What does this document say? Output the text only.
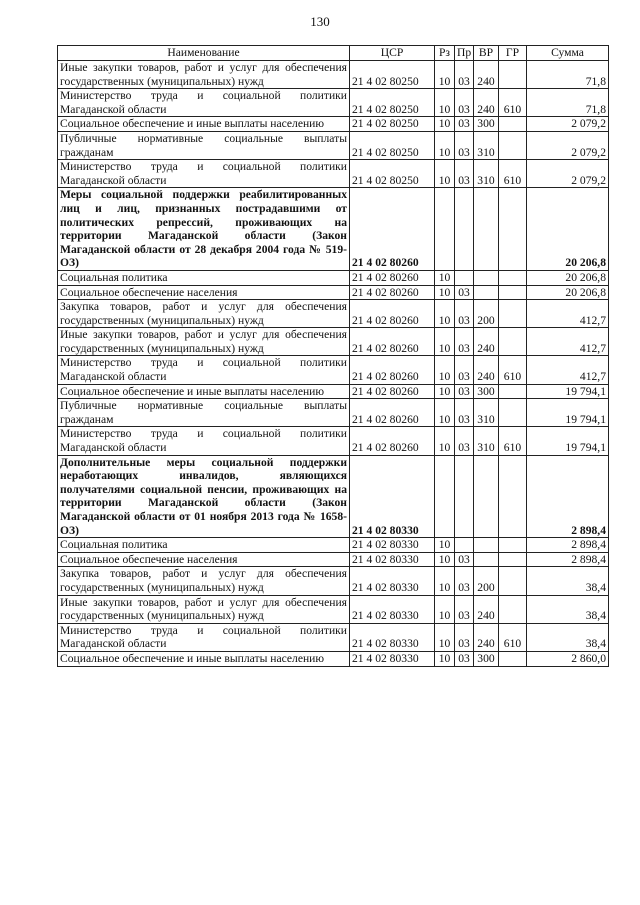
130
Наименование	ЦСР	Рз	Пр	ВР	ГР	Сумма
Иные закупки товаров, работ и услуг для обеспечения государственных (муниципальных) нужд	21 4 02 80250	10	03	240		71,8
Министерство труда и социальной политики Магаданской области	21 4 02 80250	10	03	240	610	71,8
Социальное обеспечение и иные выплаты населению	21 4 02 80250	10	03	300		2 079,2
Публичные нормативные социальные выплаты гражданам	21 4 02 80250	10	03	310		2 079,2
Министерство труда и социальной политики Магаданской области	21 4 02 80250	10	03	310	610	2 079,2
Меры социальной поддержки реабилитированных лиц и лиц, признанных пострадавшими от политических репрессий, проживающих на территории Магаданской области (Закон Магаданской области от 28 декабря 2004 года № 519-ОЗ)	21 4 02 80260					20 206,8
Социальная политика	21 4 02 80260	10				20 206,8
Социальное обеспечение населения	21 4 02 80260	10	03			20 206,8
Закупка товаров, работ и услуг для обеспечения государственных (муниципальных) нужд	21 4 02 80260	10	03	200		412,7
Иные закупки товаров, работ и услуг для обеспечения государственных (муниципальных) нужд	21 4 02 80260	10	03	240		412,7
Министерство труда и социальной политики Магаданской области	21 4 02 80260	10	03	240	610	412,7
Социальное обеспечение и иные выплаты населению	21 4 02 80260	10	03	300		19 794,1
Публичные нормативные социальные выплаты гражданам	21 4 02 80260	10	03	310		19 794,1
Министерство труда и социальной политики Магаданской области	21 4 02 80260	10	03	310	610	19 794,1
Дополнительные меры социальной поддержки неработающих инвалидов, являющихся получателями социальной пенсии, проживающих на территории Магаданской области (Закон Магаданской области от 01 ноября 2013 года № 1658-ОЗ)	21 4 02 80330					2 898,4
Социальная политика	21 4 02 80330	10				2 898,4
Социальное обеспечение населения	21 4 02 80330	10	03			2 898,4
Закупка товаров, работ и услуг для обеспечения государственных (муниципальных) нужд	21 4 02 80330	10	03	200		38,4
Иные закупки товаров, работ и услуг для обеспечения государственных (муниципальных) нужд	21 4 02 80330	10	03	240		38,4
Министерство труда и социальной политики Магаданской области	21 4 02 80330	10	03	240	610	38,4
Социальное обеспечение и иные выплаты населению	21 4 02 80330	10	03	300		2 860,0
